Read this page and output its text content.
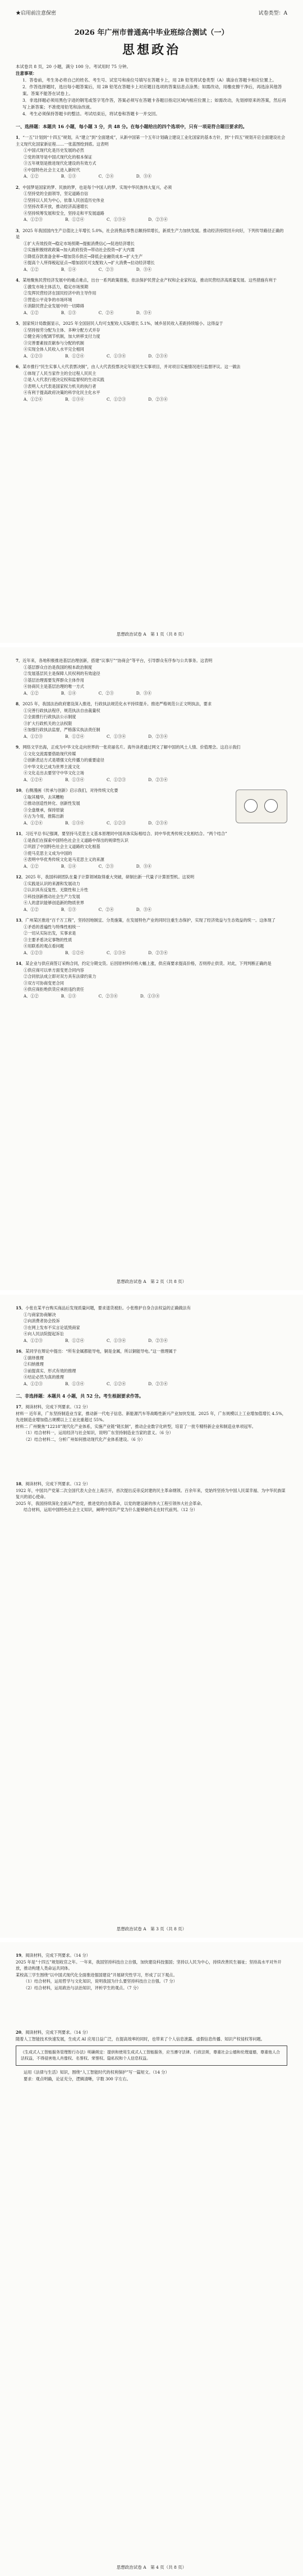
★启用前注意保密	试卷类型：A
2026 年广州市普通高中毕业班综合测试（一）
思想政治
本试卷共 8 页，20 小题，满分 100 分。考试用时 75 分钟。
注意事项：
1．答卷前，考生务必将自己的姓名、考生号、试室号和座位号填写在答题卡上，用 2B 铅笔将试卷类型（A）填涂在答题卡相应位置上。
2．作答选择题时，选出每小题答案后，用 2B 铅笔在答题卡上对应题目选项的答案信息点涂黑；如需改动，用橡皮擦干净后，再选涂其他答案。答案不能答在试卷上。
3．非选择题必须用黑色字迹的钢笔或签字笔作答，答案必须写在答题卡各题目指定区域内相应位置上；如需改动，先划掉原来的答案，然后再写上新答案；不准使用铅笔和涂改液。
4．考生必须保持答题卡的整洁。考试结束后，将试卷和答题卡一并交回。
一、选择题：本题共 16 小题，每小题 3 分，共 48 分。在每小题给出的四个选项中，只有一项是符合题目要求的。
1．“一五”计划到“十四五”规划，从“建立”到“全面建成”，从新中国第一个五年计划确立建设工业化国家的基本方针，到“十四五”规划开启全面建设社会主义现代化国家新征程……一张蓝图绘到底。这表明
①中国式现代化是历史发展的必然
②党的领导是中国式现代化的根本保证
③五年规划是推进现代化建设的有效方式
④中国特色社会主义进入新时代
A．①②	B．①③	C．②④	D．③④
2．中国梦是国家的梦、民族的梦，也是每个中国人的梦。实现中华民族伟大复兴，必须
①坚持党的全面领导，坚定道路自信
②坚持以人民为中心，依靠人民创造历史伟业
③坚持改革开放，推动经济高速增长
④坚持统筹发展和安全，坚持走和平发展道路
A．①②③	B．①②④	C．①③④	D．②③④
3．2025 年我国国内生产总值比上年增长 5.0%，社会消费品零售总额持续增长，新质生产力加快发展。推动经济持续回升向好，下列传导路径正确的是
①扩大有效投资→稳定市场预期→提振消费信心→促进经济增长
②实施积极财政政策→加大政府投资→带动社会投资→扩大内需
③降低存款准备金率→增加货币供应→降低企业融资成本→扩大生产
④提高个人所得税起征点→增加居民可支配收入→扩大消费→拉动经济增长
A．①②	B．①④	C．②③	D．③④
4．某地聚焦民营经济发展中的痛点难点，出台一系列政策措施，依法保护民营企业产权和企业家权益，推动民营经济高质量发展。这些措施有利于
①激发市场主体活力，稳定市场预期
②发挥民营经济在国民经济中的主导作用
③营造公平竞争的市场环境
④消除民营企业发展中的一切障碍
A．①②	B．①③	C．②④	D．③④
5．国家统计局数据显示，2025 年全国居民人均可支配收入实际增长 5.1%，城乡居民收入差距持续缩小。这得益于
①坚持按劳分配为主体、多种分配方式并存
②健全再分配调节机制，加大转移支付力度
③完善要素按贡献参与分配的机制
④实现全体人民收入水平完全相同
A．①②③	B．①②④	C．①③④	D．②③④
6．某市推行“民生实事人大代表票决制”，由人大代表投票决定年度民生实事项目，并对项目实施情况进行监督评议。这一做法
①体现了人民当家作主的全过程人民民主
②是人大代表行使决定权和监督权的生动实践
③表明人大代表是国家权力机关的执行者
④有利于提高政府决策的科学化民主化水平
A．①②④	B．①③④	C．①②③	D．②③④
思想政治试卷 A　第 1 页（共 8 页）
7．近年来，各地积极推进基层治理创新，搭建“议事厅”“协商会”等平台，引导群众有序参与公共事务。这表明
①基层群众自治是我国的根本政治制度
②发展基层民主是保障人民权利的有效途径
③基层治理需要发挥群众主体作用
④协商民主是基层治理的唯一方式
A．①②	B．①④	C．②③	D．③④
8．2025 年，我国法治政府建设深入推进，行政执法规范化水平持续提升。推进严格规范公正文明执法，要求
①完善行政执法程序，规范执法自由裁量权
②全面推行行政执法公示制度
③扩大行政机关的立法权限
④加强行政执法监督，严格落实执法责任制
A．①②③	B．①②④	C．①③④	D．②③④
9．网络文学出海，正成为中华文化走向世界的一张亮丽名片。海外读者通过网文了解中国的风土人情、价值理念。这启示我们
①文化交流需要借助现代传媒
②创新表达方式是增强文化传播力的重要途径
③中华文化已成为世界主流文化
④文化走出去要坚守中华文化立场
A．①②④	B．①③④	C．①②③	D．②③④
10．右侧漫画《传承与创新》启示我们，对待传统文化要
①取其精华，去其糟粕
②推动创造性转化、创新性发展
③全盘继承，保持原貌
④古为今用，推陈出新
A．①②④	B．①③④	C．①②③	D．②③④
11．习近平总书记强调，要坚持马克思主义基本原理同中国具体实际相结合、同中华优秀传统文化相结合。“两个结合”
①是我们在探索中国特色社会主义道路中得出的规律性认识
②巩固了中国特色社会主义道路的文化根基
③使马克思主义成为中国的
④表明中华优秀传统文化是马克思主义的来源
A．①②	B．①④	C．②③	D．③④
12．2025 年，我国科研团队在量子计算领域取得重大突破，研制出新一代量子计算原型机。这说明
①实践是认识的来源和发展动力
②认识具有反复性、无限性和上升性
③科技创新推动社会生产力发展
④人的意识能够创造新的物质世界
A．①②	B．①③	C．②④	D．③④
13．广州某区推进“百千万工程”，坚持因地制宜、分类施策，在发展特色产业的同时注重生态保护，实现了经济效益与生态效益的统一。这体现了
①矛盾的普遍性与特殊性相统一
②一切从实际出发，实事求是
③主要矛盾决定事物的性质
④用联系的观点看问题
A．①②③	B．①②④	C．①③④	D．②③④
14．某企业与供应商签订采购合同，约定分期交货。后因原材料价格大幅上涨，供应商要求提高价格，否则停止供货。对此，下列判断正确的是
①供应商可以单方面变更合同内容
②合同依法成立即对双方具有法律约束力
③双方可协商变更合同
④供应商拒绝供货应承担违约责任
A．①②	B．①③	C．②③④	D．①③④
思想政治试卷 A　第 2 页（共 8 页）
15．小张在某平台购买商品后发现质量问题，要求退货被拒。小张维护自身合法权益的正确做法有
①与商家协商解决
②向消费者协会投诉
③在网上发布不实言论诋毁商家
④向人民法院提起诉讼
A．①②③	B．①②④	C．①③④	D．②③④
16．某同学在辩论中提出：“所有金属都能导电，铜是金属，所以铜能导电。”这一推理属于
①演绎推理
②归纳推理
③前提真实、形式有效的推理
④结论必然为真的推理
A．①②③	B．①③④	C．①②④	D．②③④
二、非选择题：本题共 4 小题，共 52 分。考生根据要求作答。
17．阅读材料，完成下列要求。（12 分）
材料一 近年来，广东坚持制造业当家，推动新一代电子信息、新能源汽车等战略性新兴产业加快发展。2025 年，广东规模以上工业增加值增长 4.5%，先进制造业增加值占规模以上工业比重超过 55%。
材料二 广州聚焦“12218”现代化产业体系，实施产业链“链长制”，推动企业数字化转型，培育了一批专精特新企业和制造业单项冠军。
（1）结合材料一，运用经济与社会知识，说明广东坚持制造业当家的意义。（6 分）
（2）结合材料二，分析广州如何推动现代化产业体系建设。（6 分）
18．阅读材料，完成下列要求。（12 分）
1922 年，中国共产党第二次全国代表大会在上海召开，首次提出反帝反封建的民主革命纲领。百余年来，党始终坚持为中国人民谋幸福、为中华民族谋复兴的初心使命。
2025 年，我国持续深化全面从严治党，推进党的自我革命，以党的建设新的伟大工程引领伟大社会革命。
结合材料，运用中国特色社会主义知识，阐明中国共产党为什么能够始终走在时代前列。（12 分）
思想政治试卷 A　第 3 页（共 8 页）
19．阅读材料，完成下列要求。（14 分）
2025 年是“十四五”规划收官之年。一年来，我国坚持科技自立自强，加快建设科技强国；坚持以人民为中心，持续改善民生福祉；坚持高水平对外开放，推动构建人类命运共同体。
某校高三学生围绕“以中国式现代化全面推进强国建设”开展研究性学习，形成了以下观点。
（1）结合材料，运用哲学与文化知识，说明我国为什么要坚持科技自立自强。（7 分）
（2）结合材料，运用政治与法治知识，评析学生的观点。（7 分）
20．阅读材料，完成下列要求。（14 分）
随着人工智能技术快速发展，生成式 AI 应用日益广泛，在提高效率的同时，也带来了个人信息泄露、虚假信息传播、知识产权侵权等问题。
《生成式人工智能服务管理暂行办法》明确规定：提供和使用生成式人工智能服务，应当遵守法律、行政法规，尊重社会公德和伦理道德，尊重他人合法权益，不得侵害他人肖像权、名誉权、荣誉权、隐私权和个人信息权益。
运用《法律与生活》知识，围绕“人工智能时代的权利保护”写一篇短文。（14 分）
要求：观点明确，论证充分，逻辑清晰，字数 300 字左右。
思想政治试卷 A　第 4 页（共 8 页）
